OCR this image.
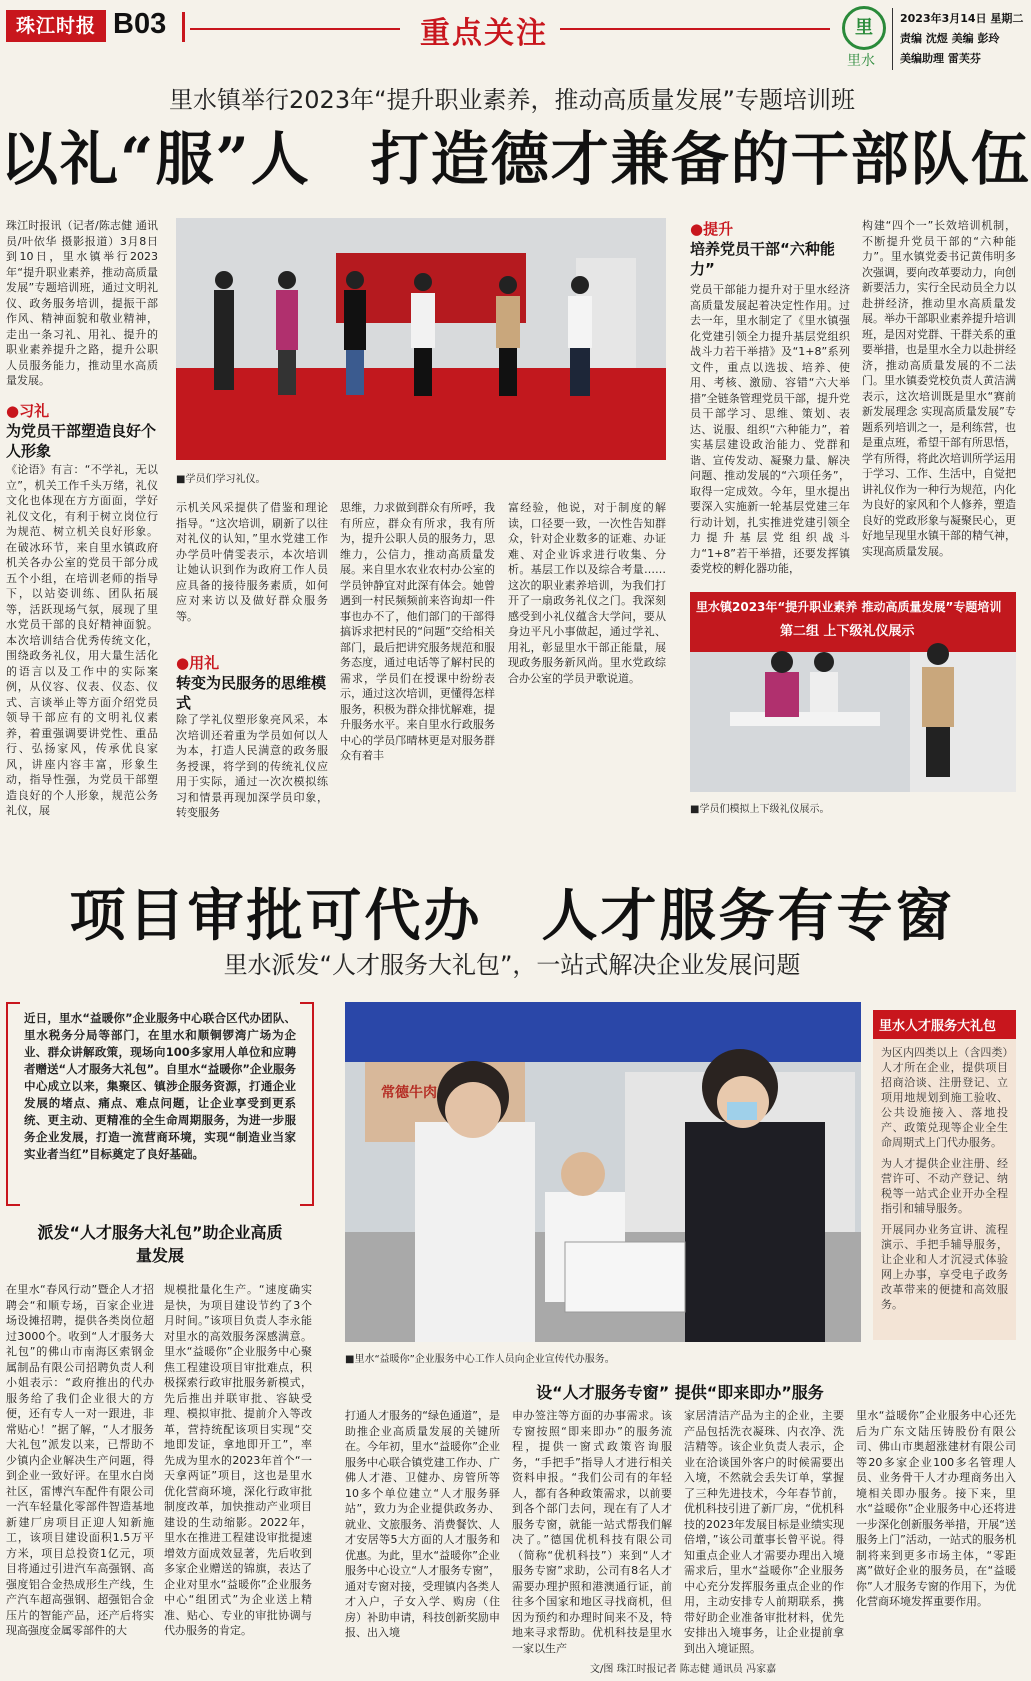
珠江时报 B03	重点关注	里
里水
2023年3月14日 星期二
责编 沈煜 美编 彭玲
美编助理 雷芙芬
里水镇举行2023年“提升职业素养，推动高质量发展”专题培训班
以礼“服”人　打造德才兼备的干部队伍
珠江时报讯（记者/陈志健 通讯员/叶依华 摄影报道）3月8日到10日，里水镇举行2023年“提升职业素养，推动高质量发展”专题培训班，通过文明礼仪、政务服务培训，提振干部作风、精神面貌和敬业精神，走出一条习礼、用礼、提升的职业素养提升之路，提升公职人员服务能力，推动里水高质量发展。
●习礼
为党员干部塑造良好个人形象
《论语》有言：“不学礼，无以立”，机关工作千头万绪，礼仪文化也体现在方方面面，学好礼仪文化，有利于树立岗位行为规范、树立机关良好形象。在破冰环节，来自里水镇政府机关各办公室的党员干部分成五个小组，在培训老师的指导下，以站姿训练、团队拓展等，活跃现场气氛，展现了里水党员干部的良好精神面貌。本次培训结合优秀传统文化，围绕政务礼仪，用大量生活化的语言以及工作中的实际案例，从仪容、仪表、仪态、仪式、言谈举止等方面介绍党员领导干部应有的文明礼仪素养，着重强调要讲党性、重品行、弘扬家风，传承优良家风，讲座内容丰富，形象生动，指导性强，为党员干部塑造良好的个人形象，规范公务礼仪，展
■学员们学习礼仪。
示机关风采提供了借鉴和理论指导。“这次培训，刷新了以往对礼仪的认知，”里水党建工作办学员叶倩雯表示，本次培训让她认识到作为政府工作人员应具备的接待服务素质，如何应对来访以及做好群众服务等。
●用礼
转变为民服务的思维模式
除了学礼仪塑形象亮风采，本次培训还着重为学员如何以人为本，打造人民满意的政务服务授课，将学到的传统礼仪应用于实际，通过一次次模拟练习和情景再现加深学员印象，转变服务
思维，力求做到群众有所呼，我有所应，群众有所求，我有所为，提升公职人员的服务力，思维力，公信力，推动高质量发展。来自里水农业农村办公室的学员钟静宜对此深有体会。她曾遇到一村民频频前来咨询却一件事也办不了，他们部门的干部得搞诉求把村民的“问题”交给相关部门，最后把讲究服务规范和服务态度，通过电话等了解村民的需求，学员们在授课中纷纷表示，通过这次培训，更懂得怎样服务，积极为群众排忧解难，提升服务水平。来自里水行政服务中心的学员邝晴林更是对服务群众有着丰
富经验，他说，对于制度的解读，口径要一致，一次性告知群众，针对企业数多的证难、办证难、对企业诉求进行收集、分析。基层工作以及综合考量……这次的职业素养培训，为我们打开了一扇政务礼仪之门。我深刻感受到小礼仪蕴含大学问，要从身边平凡小事做起，通过学礼、用礼，彰显里水干部正能量，展现政务服务新风尚。里水党政综合办公室的学员尹歌说道。
●提升
培养党员干部“六种能力”
党员干部能力提升对于里水经济高质量发展起着决定性作用。过去一年，里水制定了《里水镇强化党建引领全力提升基层党组织战斗力若干举措》及“1+8”系列文件，重点以选拔、培养、使用、考核、激励、容错“六大举措”全链条管理党员干部，提升党员干部学习、思维、策划、表达、说服、组织“六种能力”，着实基层建设政治能力、党群和谐、宣传发动、凝聚力量、解决问题、推动发展的“六项任务”，取得一定成效。今年，里水提出要深入实施新一轮基层党建三年行动计划，扎实推进党建引领全力提升基层党组织战斗力“1+8”若干举措，还要发挥镇委党校的孵化器功能，
构建“四个一”长效培训机制，不断提升党员干部的“六种能力”。里水镇党委书记黄伟明多次强调，要向改革要动力，向创新要活力，实行全民动员全力以赴拼经济，推动里水高质量发展。举办干部职业素养提升培训班，是因对党群、干群关系的重要举措，也是里水全力以赴拼经济，推动高质量发展的不二法门。里水镇委党校负责人黄洁满表示，这次培训既是里水“赛前新发展理念 实现高质量发展”专题系列培训之一，是利练营，也是重点班，希望干部有所思悟，学有所得，将此次培训所学运用于学习、工作、生活中，自觉把讲礼仪作为一种行为规范，内化为良好的家风和个人修养，塑造良好的党政形象与凝聚民心，更好地呈现里水镇干部的精气神，实现高质量发展。
里水镇2023年“提升职业素养 推动高质量发展”专题培训
第二组 上下级礼仪展示
■学员们模拟上下级礼仪展示。
项目审批可代办　人才服务有专窗
里水派发“人才服务大礼包”，一站式解决企业发展问题
近日，里水“益暖你”企业服务中心联合区代办团队、里水税务分局等部门，在里水和顺铜锣湾广场为企业、群众讲解政策，现场向100多家用人单位和应聘者赠送“人才服务大礼包”。自里水“益暖你”企业服务中心成立以来，集聚区、镇涉企服务资源，打通企业发展的堵点、痛点、难点问题，让企业享受到更系统、更主动、更精准的全生命周期服务，为进一步服务企业发展，打造一流营商环境，实现“制造业当家实业者当红”目标奠定了良好基础。
派发“人才服务大礼包”助企业高质量发展
在里水“春风行动”暨企人才招聘会“和顺专场，百家企业进场设摊招聘，提供各类岗位超过3000个。收到“人才服务大礼包”的佛山市南海区索钢金属制品有限公司招聘负责人利小姐表示：“政府推出的代办服务给了我们企业很大的方便，还有专人一对一跟进，非常贴心！”据了解，“人才服务大礼包”派发以来，已帮助不少镇内企业解决生产问题，得到企业一致好评。在里水白岗社区，雷博汽车配件有限公司一汽车轻量化零部件智造基地新建厂房项目正迎人知新施工，该项目建设面积1.5万平方米，项目总投资1亿元，项目将通过引进汽车高强钢、高强度铝合金热成形生产线，生产汽车超高强钢、超强铝合金压片的智能产品，还产后将实现高强度金属零部件的大
规模批量化生产。“速度确实是快，为项目建设节约了3个月时间。”该项目负责人李永能对里水的高效服务深感满意。里水“益暖你”企业服务中心聚焦工程建设项目审批难点，积极探索行政审批服务新模式，先后推出并联审批、容缺受理、模拟审批、提前介入等改革，营持统配该项目实现“交地即发证，拿地即开工”，率先成为里水的2023年首个“一天拿两证”项目，这也是里水优化营商环境，深化行政审批制度改革，加快推动产业项目建设的生动缩影。2022年，里水在推进工程建设审批提速增效方面成效显著，先后收到多家企业赠送的锦旗，表达了企业对里水“益暖你”企业服务中心“组团式”为企业送上精准、贴心、专业的审批协调与代办服务的肯定。
常德牛肉
■里水“益暖你”企业服务中心工作人员向企业宣传代办服务。
里水人才服务大礼包
为区内四类以上（含四类）人才所在企业，提供项目招商洽谈、注册登记、立项用地规划到施工验收、公共设施接入、落地投产、政策兑现等企业全生命周期式上门代办服务。
为人才提供企业注册、经营许可、不动产登记、纳税等一站式企业开办全程指引和辅导服务。
开展同办业务宣讲、流程演示、手把手辅导服务，让企业和人才沉浸式体验网上办事，享受电子政务改革带来的便捷和高效服务。
设“人才服务专窗” 提供“即来即办”服务
打通人才服务的“绿色通道”，是助推企业高质量发展的关键所在。今年初，里水“益暖你”企业服务中心联合镇党建工作办、广佛人才港、卫健办、房管所等10多个单位建立“人才服务驿站”，致力为企业提供政务办、就业、文旅服务、消费餐饮、人才安居等5大方面的人才服务和优惠。为此，里水“益暖你”企业服务中心设立“人才服务专窗”，通对专窗对接，受理镇内各类人才入户，子女入学、购房（住房）补助申请，科技创新奖励申报、出入境
申办签注等方面的办事需求。该专窗按照“即来即办”的服务流程，提供一窗式政策咨询服务，“手把手”指导人才进行相关资料申报。“我们公司有的年轻人，都有各种政策需求，以前要到各个部门去问，现在有了人才服务专窗，就能一站式帮我们解决了。”德国优机科技有限公司（简称“优机科技”）来到“人才服务专窗”求助，公司有8名人才需要办理护照和港澳通行证，前往多个国家和地区寻找商机，但因为预约和办理时间来不及，特地来寻求帮助。优机科技是里水一家以生产
家居清洁产品为主的企业，主要产品包括洗衣凝珠、内衣净、洗洁精等。该企业负责人表示，企业在洽谈国外客户的时候需要出入境，不然就会丢失订单，掌握了三种先进技术，今年春节前，优机科技引进了新厂房，“优机科技的2023年发展目标是业绩实现倍增，”该公司董事长曾平说。得知重点企业人才需要办理出入境需求后，里水“益暖你”企业服务中心充分发挥服务重点企业的作用，主动安排专人前期联系，携带好助企业准备审批材料，优先安排出入境事务，让企业提前拿到出入境证照。
里水“益暖你”企业服务中心还先后为广东文陆压铸股份有限公司、佛山市奥超涨建材有限公司等20多家企业100多名管理人员、业务骨干人才办理商务出入境相关即办服务。接下来，里水“益暖你”企业服务中心还将进一步深化创新服务举措，开展“送服务上门”活动，一站式的服务机制将来到更多市场主体，“零距离”做好企业的服务员，在“益暖你”人才服务专窗的作用下，为优化营商环境发挥重要作用。
文/图 珠江时报记者 陈志健 通讯员 冯家嘉
